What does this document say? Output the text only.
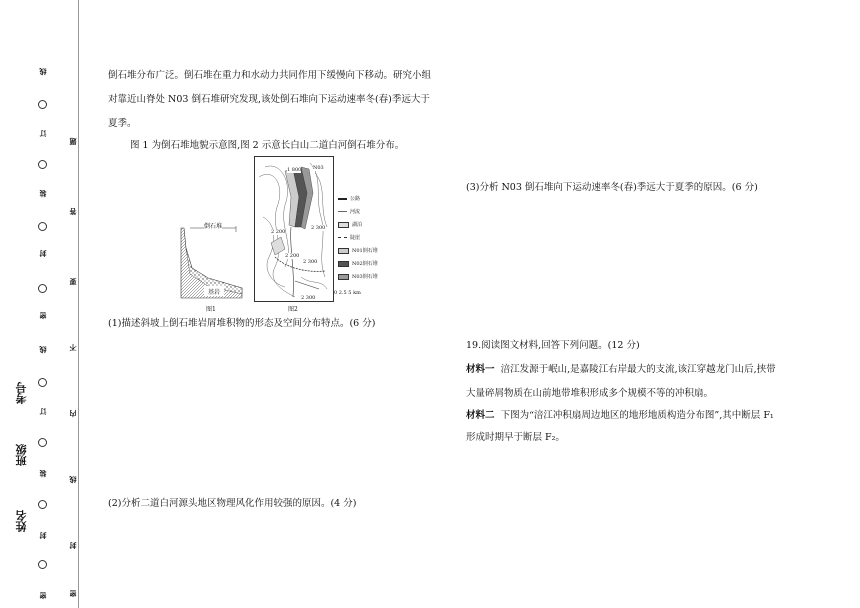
线
订
题
装
答
封
要
密
不
线
内
订
线
装
封
封
密
密
考号
班级
姓名
倒石堆分布广泛。倒石堆在重力和水动力共同作用下缓慢向下移动。研究小组
对靠近山脊处 N03 倒石堆研究发现,该处倒石堆向下运动速率冬(春)季远大于
夏季。
图 1 为倒石堆地貌示意图,图 2 示意长白山二道白河倒石堆分布。
倒石堆
基岩
图1
1 800
2 300
2 200
2 300
2 200
2 300
N03
公路
河流
湖泊
陡崖
N01倒石堆
N02倒石堆
N03倒石堆
0 2.5 5 km
图2
(1)描述斜坡上倒石堆岩屑堆积物的形态及空间分布特点。(6 分)
(2)分析二道白河源头地区物理风化作用较强的原因。(4 分)
(3)分析 N03 倒石堆向下运动速率冬(春)季远大于夏季的原因。(6 分)
19.阅读图文材料,回答下列问题。(12 分)
材料一 涪江发源于岷山,是嘉陵江右岸最大的支流,该江穿越龙门山后,挟带
大量碎屑物质在山前地带堆积形成多个规模不等的冲积扇。
材料二 下图为“涪江冲积扇周边地区的地形地质构造分布图”,其中断层 F₁
形成时期早于断层 F₂。
